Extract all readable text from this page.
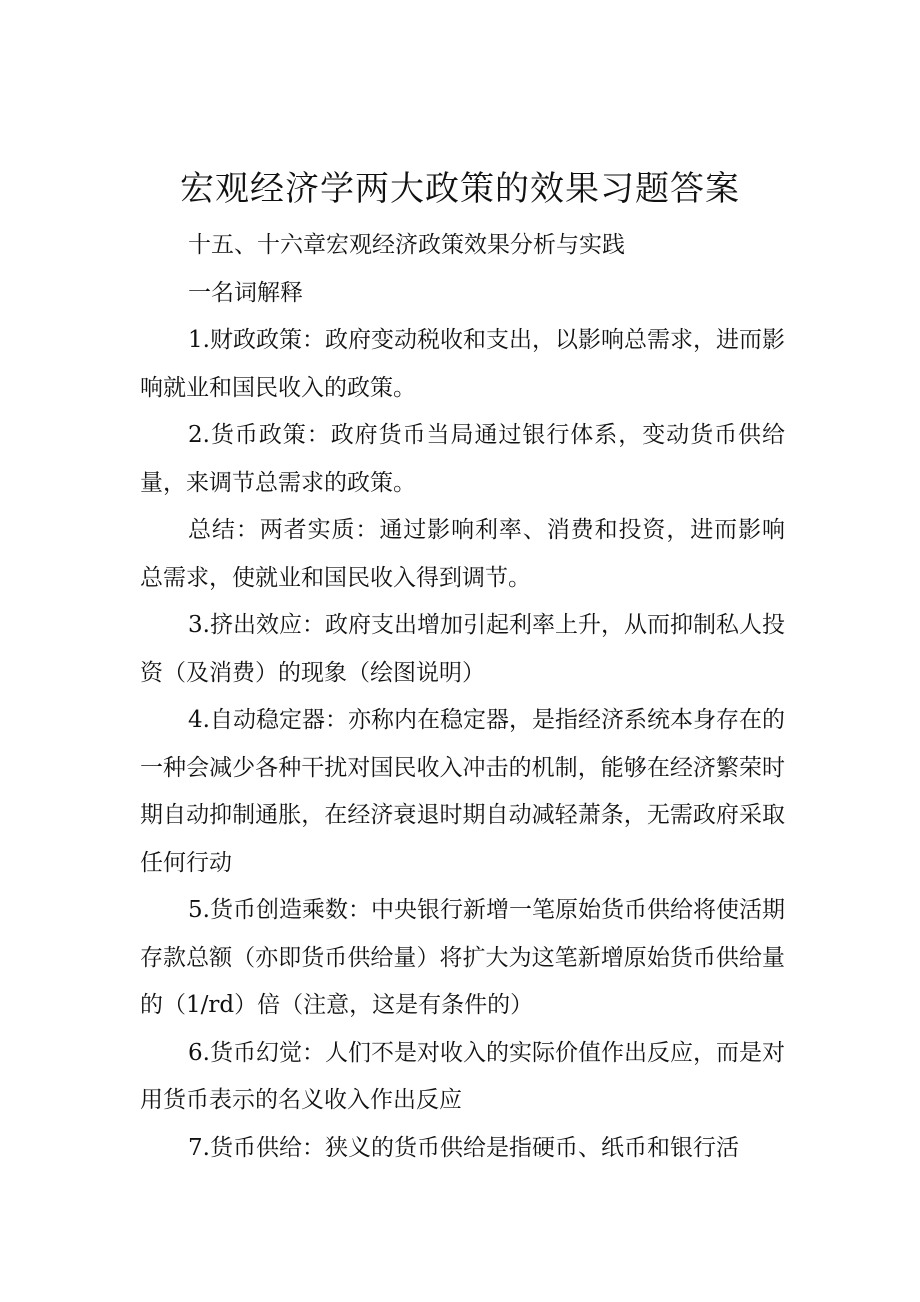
宏观经济学两大政策的效果习题答案

十五、十六章宏观经济政策效果分析与实践

一名词解释

1.财政政策：政府变动税收和支出，以影响总需求，进而影响就业和国民收入的政策。

2.货币政策：政府货币当局通过银行体系，变动货币供给量，来调节总需求的政策。

总结：两者实质：通过影响利率、消费和投资，进而影响总需求，使就业和国民收入得到调节。

3.挤出效应：政府支出增加引起利率上升，从而抑制私人投资（及消费）的现象（绘图说明）

4.自动稳定器：亦称内在稳定器，是指经济系统本身存在的一种会减少各种干扰对国民收入冲击的机制，能够在经济繁荣时期自动抑制通胀，在经济衰退时期自动减轻萧条，无需政府采取任何行动

5.货币创造乘数：中央银行新增一笔原始货币供给将使活期存款总额（亦即货币供给量）将扩大为这笔新增原始货币供给量的（1/rd）倍（注意，这是有条件的）

6.货币幻觉：人们不是对收入的实际价值作出反应，而是对用货币表示的名义收入作出反应

7.货币供给：狭义的货币供给是指硬币、纸币和银行活
